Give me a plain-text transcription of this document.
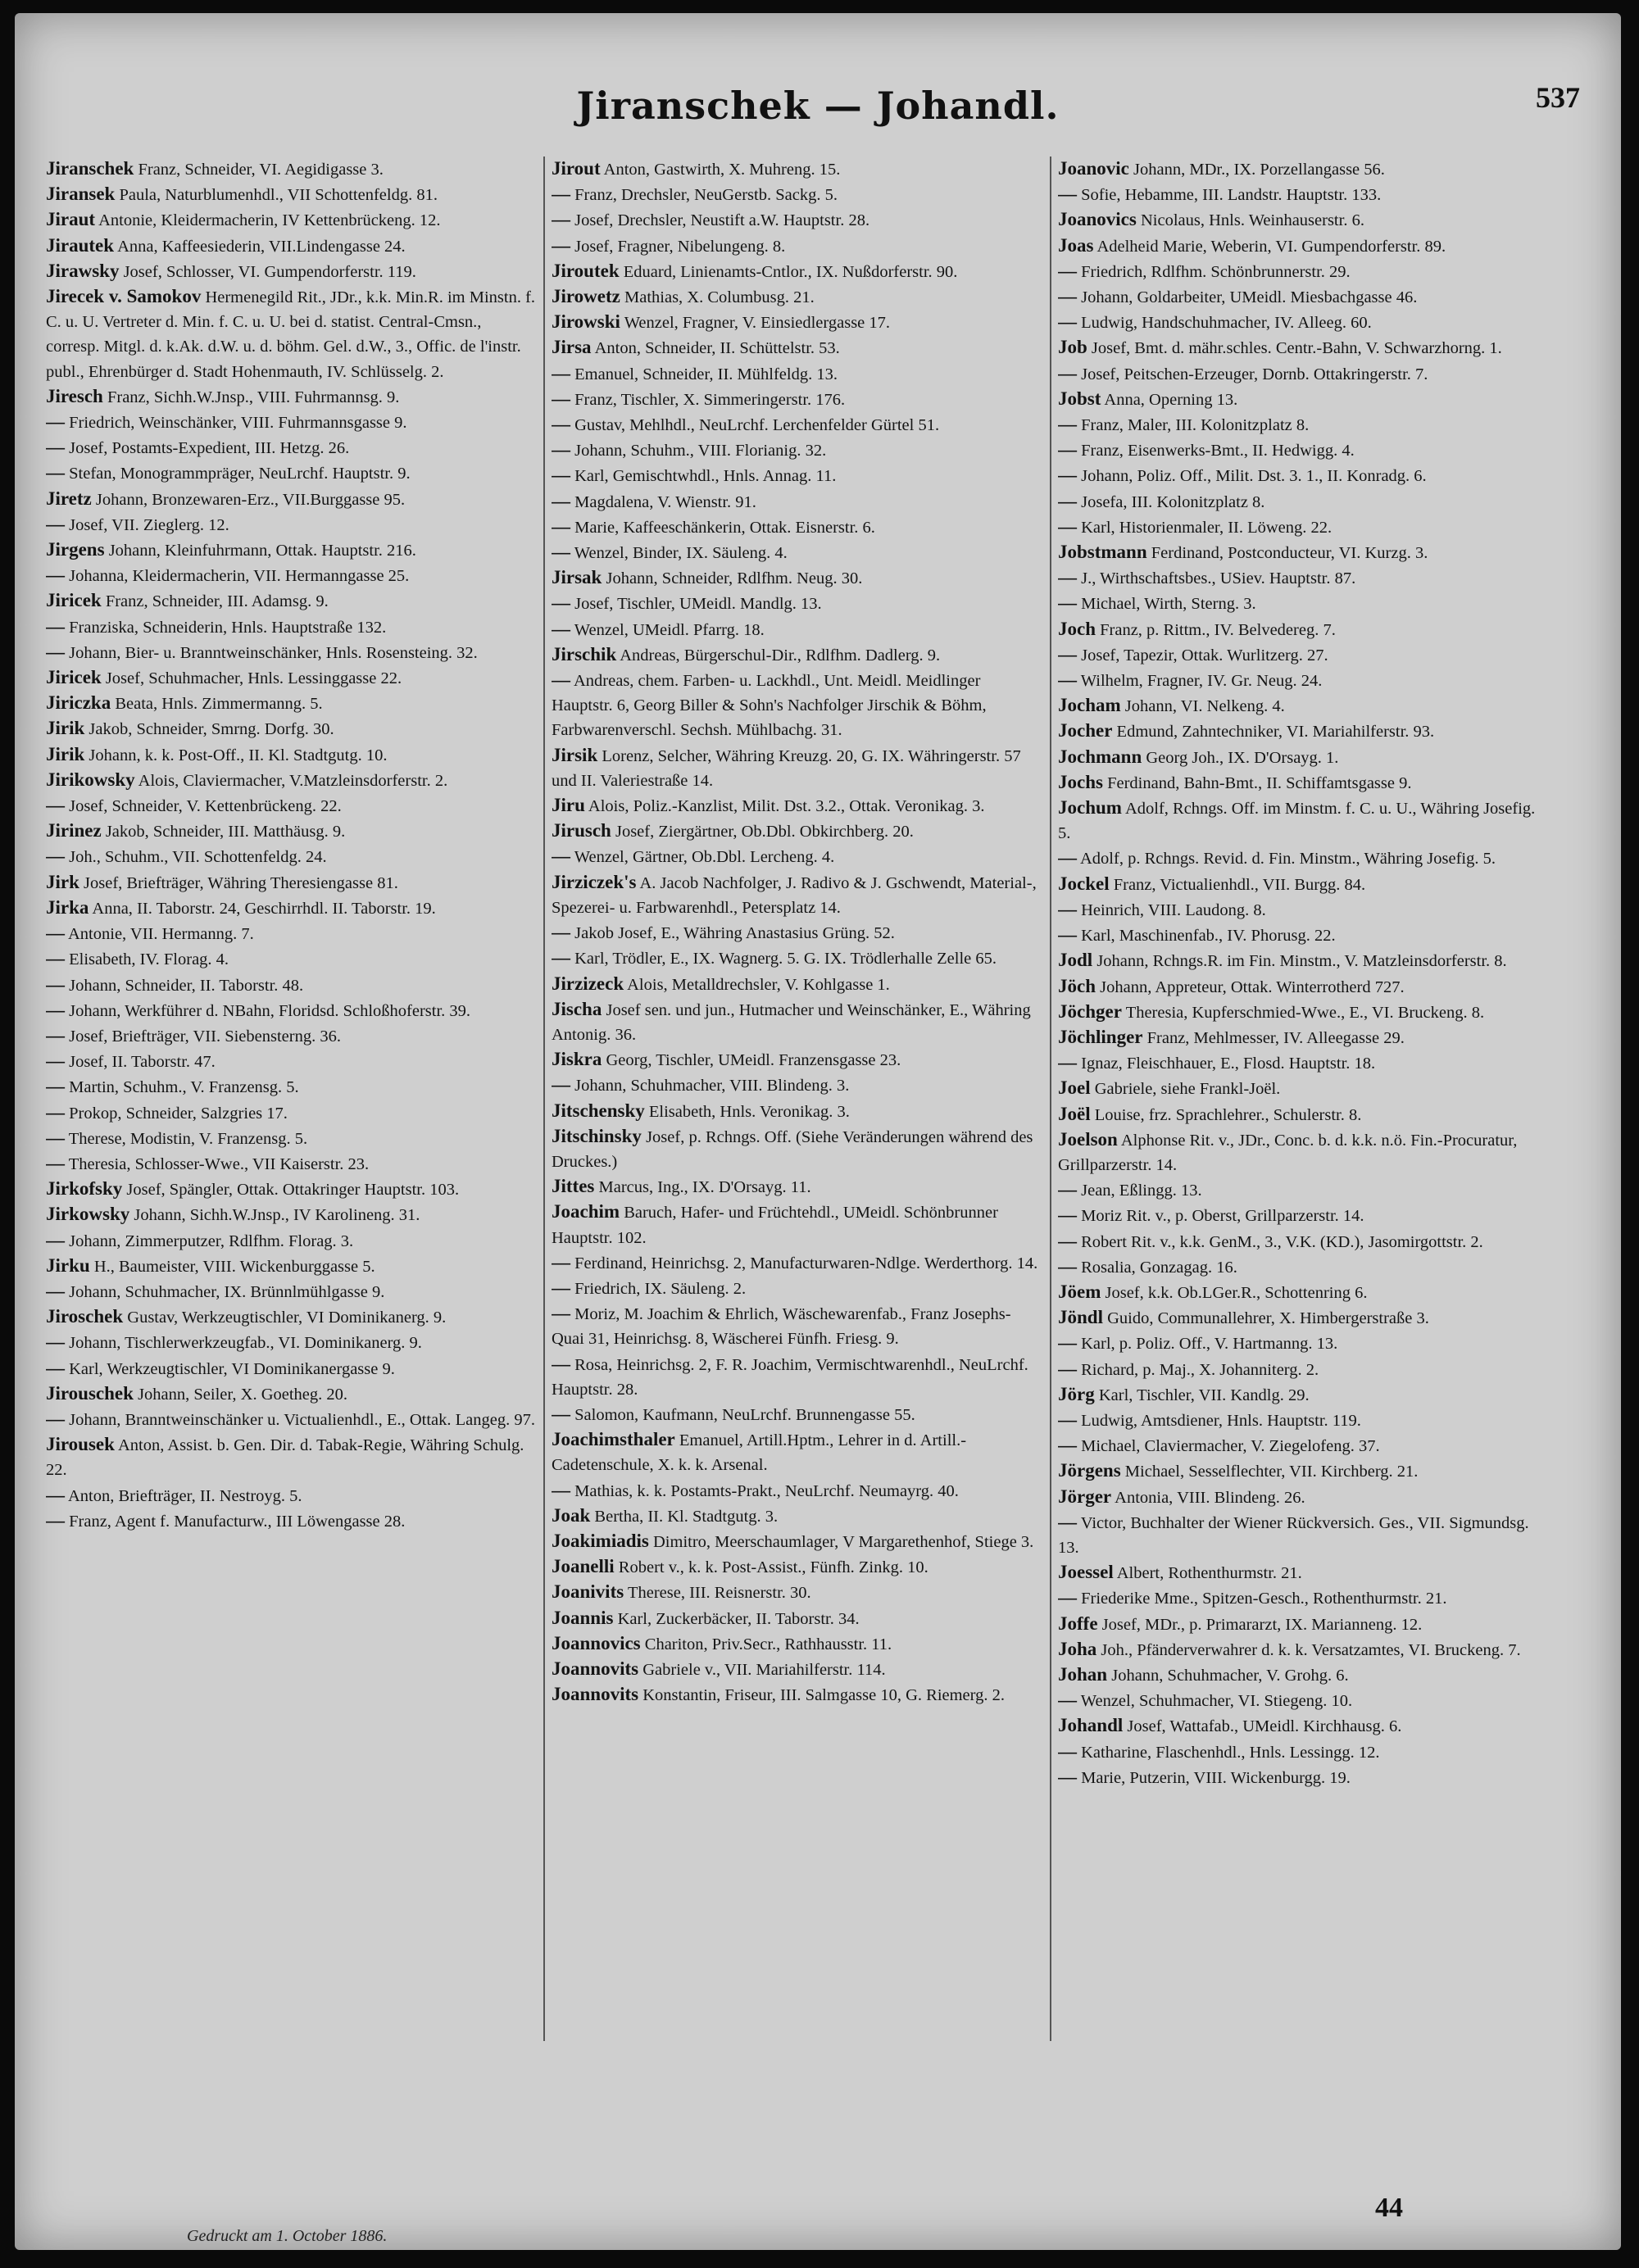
Jiranschek — Johandl.	537

Jiranschek Franz, Schneider, VI. Aegidigasse 3.

Jiransek Paula, Naturblumenhdl., VII Schottenfeldg. 81.

Jiraut Antonie, Kleidermacherin, IV Kettenbrückeng. 12.

Jirautek Anna, Kaffeesiederin, VII.Lindengasse 24.

Jirawsky Josef, Schlosser, VI. Gumpendorferstr. 119.

Jirecek v. Samokov Hermenegild Rit., JDr., k.k. Min.R. im Minstn. f. C. u. U. Vertreter d. Min. f. C. u. U. bei d. statist. Central-Cmsn., corresp. Mitgl. d. k.Ak. d.W. u. d. böhm. Gel. d.W., 3., Offic. de l'instr. publ., Ehrenbürger d. Stadt Hohenmauth, IV. Schlüsselg. 2.

Jiresch Franz, Sichh.W.Jnsp., VIII. Fuhrmannsg. 9.

— Friedrich, Weinschänker, VIII. Fuhrmannsgasse 9.

— Josef, Postamts-Expedient, III. Hetzg. 26.

— Stefan, Monogrammpräger, NeuLrchf. Hauptstr. 9.

Jiretz Johann, Bronzewaren-Erz., VII.Burggasse 95.

— Josef, VII. Zieglerg. 12.

Jirgens Johann, Kleinfuhrmann, Ottak. Hauptstr. 216.

— Johanna, Kleidermacherin, VII. Hermanngasse 25.

Jiricek Franz, Schneider, III. Adamsg. 9.

— Franziska, Schneiderin, Hnls. Hauptstraße 132.

— Johann, Bier- u. Branntweinschänker, Hnls. Rosensteing. 32.

Jiricek Josef, Schuhmacher, Hnls. Lessinggasse 22.

Jiriczka Beata, Hnls. Zimmermanng. 5.

Jirik Jakob, Schneider, Smrng. Dorfg. 30.

Jirik Johann, k. k. Post-Off., II. Kl. Stadtgutg. 10.

Jirikowsky Alois, Claviermacher, V.Matzleinsdorferstr. 2.

— Josef, Schneider, V. Kettenbrückeng. 22.

Jirinez Jakob, Schneider, III. Matthäusg. 9.

— Joh., Schuhm., VII. Schottenfeldg. 24.

Jirk Josef, Briefträger, Währing Theresiengasse 81.

Jirka Anna, II. Taborstr. 24, Geschirrhdl. II. Taborstr. 19.

— Antonie, VII. Hermanng. 7.

— Elisabeth, IV. Florag. 4.

— Johann, Schneider, II. Taborstr. 48.

— Johann, Werkführer d. NBahn, Floridsd. Schloßhoferstr. 39.

— Josef, Briefträger, VII. Siebensterng. 36.

— Josef, II. Taborstr. 47.

— Martin, Schuhm., V. Franzensg. 5.

— Prokop, Schneider, Salzgries 17.

— Therese, Modistin, V. Franzensg. 5.

— Theresia, Schlosser-Wwe., VII Kaiserstr. 23.

Jirkofsky Josef, Spängler, Ottak. Ottakringer Hauptstr. 103.

Jirkowsky Johann, Sichh.W.Jnsp., IV Karolineng. 31.

— Johann, Zimmerputzer, Rdlfhm. Florag. 3.

Jirku H., Baumeister, VIII. Wickenburggasse 5.

— Johann, Schuhmacher, IX. Brünnlmühlgasse 9.

Jiroschek Gustav, Werkzeugtischler, VI Dominikanerg. 9.

— Johann, Tischlerwerkzeugfab., VI. Dominikanerg. 9.

— Karl, Werkzeugtischler, VI Dominikanergasse 9.

Jirouschek Johann, Seiler, X. Goetheg. 20.

— Johann, Branntweinschänker u. Victualienhdl., E., Ottak. Langeg. 97.

Jirousek Anton, Assist. b. Gen. Dir. d. Tabak-Regie, Währing Schulg. 22.

— Anton, Briefträger, II. Nestroyg. 5.

— Franz, Agent f. Manufacturw., III Löwengasse 28.

Jirout Anton, Gastwirth, X. Muhreng. 15.

— Franz, Drechsler, NeuGerstb. Sackg. 5.

— Josef, Drechsler, Neustift a.W. Hauptstr. 28.

— Josef, Fragner, Nibelungeng. 8.

Jiroutek Eduard, Linienamts-Cntlor., IX. Nußdorferstr. 90.

Jirowetz Mathias, X. Columbusg. 21.

Jirowski Wenzel, Fragner, V. Einsiedlergasse 17.

Jirsa Anton, Schneider, II. Schüttelstr. 53.

— Emanuel, Schneider, II. Mühlfeldg. 13.

— Franz, Tischler, X. Simmeringerstr. 176.

— Gustav, Mehlhdl., NeuLrchf. Lerchenfelder Gürtel 51.

— Johann, Schuhm., VIII. Florianig. 32.

— Karl, Gemischtwhdl., Hnls. Annag. 11.

— Magdalena, V. Wienstr. 91.

— Marie, Kaffeeschänkerin, Ottak. Eisnerstr. 6.

— Wenzel, Binder, IX. Säuleng. 4.

Jirsak Johann, Schneider, Rdlfhm. Neug. 30.

— Josef, Tischler, UMeidl. Mandlg. 13.

— Wenzel, UMeidl. Pfarrg. 18.

Jirschik Andreas, Bürgerschul-Dir., Rdlfhm. Dadlerg. 9.

— Andreas, chem. Farben- u. Lackhdl., Unt. Meidl. Meidlinger Hauptstr. 6, Georg Biller & Sohn's Nachfolger Jirschik & Böhm, Farbwarenverschl. Sechsh. Mühlbachg. 31.

Jirsik Lorenz, Selcher, Währing Kreuzg. 20, G. IX. Währingerstr. 57 und II. Valeriestraße 14.

Jiru Alois, Poliz.-Kanzlist, Milit. Dst. 3.2., Ottak. Veronikag. 3.

Jirusch Josef, Ziergärtner, Ob.Dbl. Obkirchberg. 20.

— Wenzel, Gärtner, Ob.Dbl. Lercheng. 4.

Jirziczek's A. Jacob Nachfolger, J. Radivo & J. Gschwendt, Material-, Spezerei- u. Farbwarenhdl., Petersplatz 14.

— Jakob Josef, E., Währing Anastasius Grüng. 52.

— Karl, Trödler, E., IX. Wagnerg. 5. G. IX. Trödlerhalle Zelle 65.

Jirzizeck Alois, Metalldrechsler, V. Kohlgasse 1.

Jischa Josef sen. und jun., Hutmacher und Weinschänker, E., Währing Antonig. 36.

Jiskra Georg, Tischler, UMeidl. Franzensgasse 23.

— Johann, Schuhmacher, VIII. Blindeng. 3.

Jitschensky Elisabeth, Hnls. Veronikag. 3.

Jitschinsky Josef, p. Rchngs. Off. (Siehe Veränderungen während des Druckes.)

Jittes Marcus, Ing., IX. D'Orsayg. 11.

Joachim Baruch, Hafer- und Früchtehdl., UMeidl. Schönbrunner Hauptstr. 102.

— Ferdinand, Heinrichsg. 2, Manufacturwaren-Ndlge. Werderthorg. 14.

— Friedrich, IX. Säuleng. 2.

— Moriz, M. Joachim & Ehrlich, Wäschewarenfab., Franz Josephs-Quai 31, Heinrichsg. 8, Wäscherei Fünfh. Friesg. 9.

— Rosa, Heinrichsg. 2, F. R. Joachim, Vermischtwarenhdl., NeuLrchf. Hauptstr. 28.

— Salomon, Kaufmann, NeuLrchf. Brunnengasse 55.

Joachimsthaler Emanuel, Artill.Hptm., Lehrer in d. Artill.-Cadetenschule, X. k. k. Arsenal.

— Mathias, k. k. Postamts-Prakt., NeuLrchf. Neumayrg. 40.

Joak Bertha, II. Kl. Stadtgutg. 3.

Joakimiadis Dimitro, Meerschaumlager, V Margarethenhof, Stiege 3.

Joanelli Robert v., k. k. Post-Assist., Fünfh. Zinkg. 10.

Joanivits Therese, III. Reisnerstr. 30.

Joannis Karl, Zuckerbäcker, II. Taborstr. 34.

Joannovics Chariton, Priv.Secr., Rathhausstr. 11.

Joannovits Gabriele v., VII. Mariahilferstr. 114.

Joannovits Konstantin, Friseur, III. Salmgasse 10, G. Riemerg. 2.

Joanovic Johann, MDr., IX. Porzellangasse 56.

— Sofie, Hebamme, III. Landstr. Hauptstr. 133.

Joanovics Nicolaus, Hnls. Weinhauserstr. 6.

Joas Adelheid Marie, Weberin, VI. Gumpendorferstr. 89.

— Friedrich, Rdlfhm. Schönbrunnerstr. 29.

— Johann, Goldarbeiter, UMeidl. Miesbachgasse 46.

— Ludwig, Handschuhmacher, IV. Alleeg. 60.

Job Josef, Bmt. d. mähr.schles. Centr.-Bahn, V. Schwarzhorng. 1.

— Josef, Peitschen-Erzeuger, Dornb. Ottakringerstr. 7.

Jobst Anna, Operning 13.

— Franz, Maler, III. Kolonitzplatz 8.

— Franz, Eisenwerks-Bmt., II. Hedwigg. 4.

— Johann, Poliz. Off., Milit. Dst. 3. 1., II. Konradg. 6.

— Josefa, III. Kolonitzplatz 8.

— Karl, Historienmaler, II. Löweng. 22.

Jobstmann Ferdinand, Postconducteur, VI. Kurzg. 3.

— J., Wirthschaftsbes., USiev. Hauptstr. 87.

— Michael, Wirth, Sterng. 3.

Joch Franz, p. Rittm., IV. Belvedereg. 7.

— Josef, Tapezir, Ottak. Wurlitzerg. 27.

— Wilhelm, Fragner, IV. Gr. Neug. 24.

Jocham Johann, VI. Nelkeng. 4.

Jocher Edmund, Zahntechniker, VI. Mariahilferstr. 93.

Jochmann Georg Joh., IX. D'Orsayg. 1.

Jochs Ferdinand, Bahn-Bmt., II. Schiffamtsgasse 9.

Jochum Adolf, Rchngs. Off. im Minstm. f. C. u. U., Währing Josefig. 5.

— Adolf, p. Rchngs. Revid. d. Fin. Minstm., Währing Josefig. 5.

Jockel Franz, Victualienhdl., VII. Burgg. 84.

— Heinrich, VIII. Laudong. 8.

— Karl, Maschinenfab., IV. Phorusg. 22.

Jodl Johann, Rchngs.R. im Fin. Minstm., V. Matzleinsdorferstr. 8.

Jöch Johann, Appreteur, Ottak. Winterrotherd 727.

Jöchger Theresia, Kupferschmied-Wwe., E., VI. Bruckeng. 8.

Jöchlinger Franz, Mehlmesser, IV. Alleegasse 29.

— Ignaz, Fleischhauer, E., Flosd. Hauptstr. 18.

Joel Gabriele, siehe Frankl-Joël.

Joël Louise, frz. Sprachlehrer., Schulerstr. 8.

Joelson Alphonse Rit. v., JDr., Conc. b. d. k.k. n.ö. Fin.-Procuratur, Grillparzerstr. 14.

— Jean, Eßlingg. 13.

— Moriz Rit. v., p. Oberst, Grillparzerstr. 14.

— Robert Rit. v., k.k. GenM., 3., V.K. (KD.), Jasomirgottstr. 2.

— Rosalia, Gonzagag. 16.

Jöem Josef, k.k. Ob.LGer.R., Schottenring 6.

Jöndl Guido, Communallehrer, X. Himbergerstraße 3.

— Karl, p. Poliz. Off., V. Hartmanng. 13.

— Richard, p. Maj., X. Johanniterg. 2.

Jörg Karl, Tischler, VII. Kandlg. 29.

— Ludwig, Amtsdiener, Hnls. Hauptstr. 119.

— Michael, Claviermacher, V. Ziegelofeng. 37.

Jörgens Michael, Sesselflechter, VII. Kirchberg. 21.

Jörger Antonia, VIII. Blindeng. 26.

— Victor, Buchhalter der Wiener Rückversich. Ges., VII. Sigmundsg. 13.

Joessel Albert, Rothenthurmstr. 21.

— Friederike Mme., Spitzen-Gesch., Rothenthurmstr. 21.

Joffe Josef, MDr., p. Primararzt, IX. Marianneng. 12.

Joha Joh., Pfänderverwahrer d. k. k. Versatzamtes, VI. Bruckeng. 7.

Johan Johann, Schuhmacher, V. Grohg. 6.

— Wenzel, Schuhmacher, VI. Stiegeng. 10.

Johandl Josef, Wattafab., UMeidl. Kirchhausg. 6.

— Katharine, Flaschenhdl., Hnls. Lessingg. 12.

— Marie, Putzerin, VIII. Wickenburgg. 19.

Gedruckt am 1. October 1886.
44
